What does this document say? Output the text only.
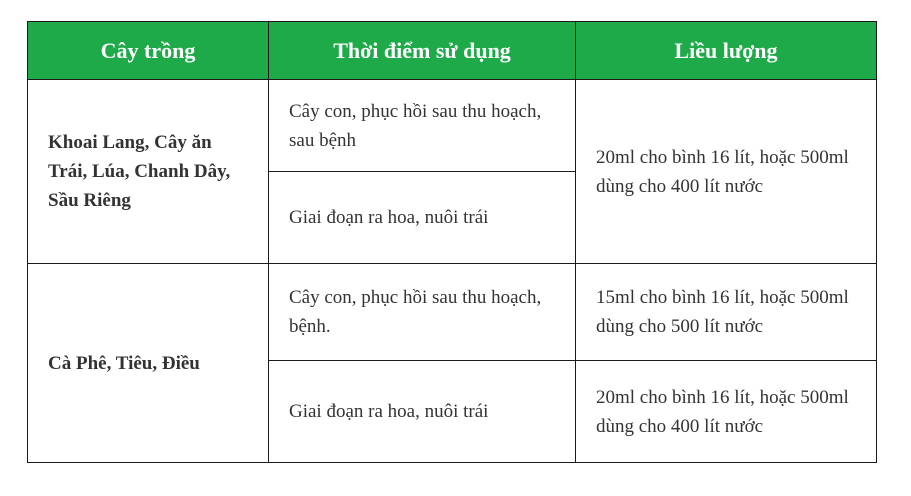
Cây trồng	Thời điểm sử dụng	Liều lượng
Khoai Lang, Cây ăn Trái, Lúa, Chanh Dây, Sầu Riêng	Cây con, phục hồi sau thu hoạch, sau bệnh	20ml cho bình 16 lít, hoặc 500ml dùng cho 400 lít nước
	Giai đoạn ra hoa, nuôi trái	
Cà Phê, Tiêu, Điều	Cây con, phục hồi sau thu hoạch, bệnh.	15ml cho bình 16 lít, hoặc 500ml dùng cho 500 lít nước
	Giai đoạn ra hoa, nuôi trái	20ml cho bình 16 lít, hoặc 500ml dùng cho 400 lít nước
